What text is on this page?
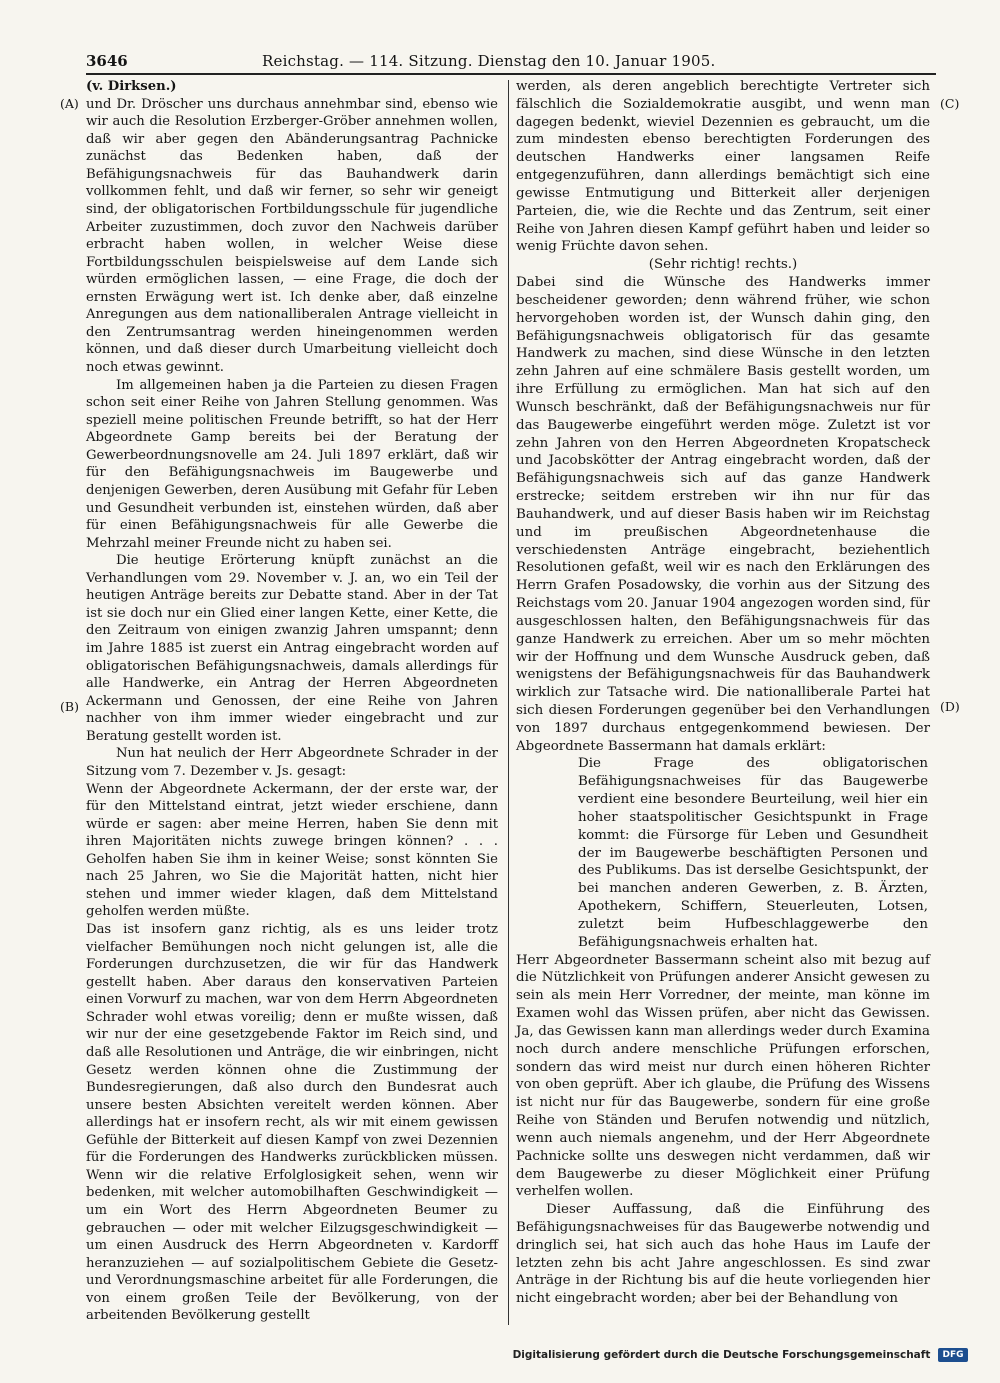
3646	Reichstag. — 114. Sitzung. Dienstag den 10. Januar 1905.
(A)
(B)
(C)
(D)

(v. Dirksen.)

und Dr. Dröscher uns durchaus annehmbar sind, ebenso wie wir auch die Resolution Erzberger-Gröber annehmen wollen, daß wir aber gegen den Abänderungsantrag Pachnicke zunächst das Bedenken haben, daß der Befähigungsnachweis für das Bauhandwerk darin vollkommen fehlt, und daß wir ferner, so sehr wir geneigt sind, der obligatorischen Fortbildungsschule für jugendliche Arbeiter zuzustimmen, doch zuvor den Nachweis darüber erbracht haben wollen, in welcher Weise diese Fortbildungsschulen beispielsweise auf dem Lande sich würden ermöglichen lassen, — eine Frage, die doch der ernsten Erwägung wert ist. Ich denke aber, daß einzelne Anregungen aus dem nationalliberalen Antrage vielleicht in den Zentrumsantrag werden hineingenommen werden können, und daß dieser durch Umarbeitung vielleicht doch noch etwas gewinnt.

Im allgemeinen haben ja die Parteien zu diesen Fragen schon seit einer Reihe von Jahren Stellung genommen. Was speziell meine politischen Freunde betrifft, so hat der Herr Abgeordnete Gamp bereits bei der Beratung der Gewerbeordnungsnovelle am 24. Juli 1897 erklärt, daß wir für den Befähigungsnachweis im Baugewerbe und denjenigen Gewerben, deren Ausübung mit Gefahr für Leben und Gesundheit verbunden ist, einstehen würden, daß aber für einen Befähigungsnachweis für alle Gewerbe die Mehrzahl meiner Freunde nicht zu haben sei.

Die heutige Erörterung knüpft zunächst an die Verhandlungen vom 29. November v. J. an, wo ein Teil der heutigen Anträge bereits zur Debatte stand. Aber in der Tat ist sie doch nur ein Glied einer langen Kette, einer Kette, die den Zeitraum von einigen zwanzig Jahren umspannt; denn im Jahre 1885 ist zuerst ein Antrag eingebracht worden auf obligatorischen Befähigungsnachweis, damals allerdings für alle Handwerke, ein Antrag der Herren Abgeordneten Ackermann und Genossen, der eine Reihe von Jahren nachher von ihm immer wieder eingebracht und zur Beratung gestellt worden ist.

Nun hat neulich der Herr Abgeordnete Schrader in der Sitzung vom 7. Dezember v. Js. gesagt:

Wenn der Abgeordnete Ackermann, der der erste war, der für den Mittelstand eintrat, jetzt wieder erschiene, dann würde er sagen: aber meine Herren, haben Sie denn mit ihren Majoritäten nichts zuwege bringen können? . . . Geholfen haben Sie ihm in keiner Weise; sonst könnten Sie nach 25 Jahren, wo Sie die Majorität hatten, nicht hier stehen und immer wieder klagen, daß dem Mittelstand geholfen werden müßte.

Das ist insofern ganz richtig, als es uns leider trotz vielfacher Bemühungen noch nicht gelungen ist, alle die Forderungen durchzusetzen, die wir für das Handwerk gestellt haben. Aber daraus den konservativen Parteien einen Vorwurf zu machen, war von dem Herrn Abgeordneten Schrader wohl etwas voreilig; denn er mußte wissen, daß wir nur der eine gesetzgebende Faktor im Reich sind, und daß alle Resolutionen und Anträge, die wir einbringen, nicht Gesetz werden können ohne die Zustimmung der Bundesregierungen, daß also durch den Bundesrat auch unsere besten Absichten vereitelt werden können. Aber allerdings hat er insofern recht, als wir mit einem gewissen Gefühle der Bitterkeit auf diesen Kampf von zwei Dezennien für die Forderungen des Handwerks zurückblicken müssen. Wenn wir die relative Erfolglosigkeit sehen, wenn wir bedenken, mit welcher automobilhaften Geschwindigkeit — um ein Wort des Herrn Abgeordneten Beumer zu gebrauchen — oder mit welcher Eilzugsgeschwindigkeit — um einen Ausdruck des Herrn Abgeordneten v. Kardorff heranzuziehen — auf sozialpolitischem Gebiete die Gesetz- und Verordnungsmaschine arbeitet für alle Forderungen, die von einem großen Teile der Bevölkerung, von der arbeitenden Bevölkerung gestellt

werden, als deren angeblich berechtigte Vertreter sich fälschlich die Sozialdemokratie ausgibt, und wenn man dagegen bedenkt, wieviel Dezennien es gebraucht, um die zum mindesten ebenso berechtigten Forderungen des deutschen Handwerks einer langsamen Reife entgegenzuführen, dann allerdings bemächtigt sich eine gewisse Entmutigung und Bitterkeit aller derjenigen Parteien, die, wie die Rechte und das Zentrum, seit einer Reihe von Jahren diesen Kampf geführt haben und leider so wenig Früchte davon sehen.

(Sehr richtig! rechts.)

Dabei sind die Wünsche des Handwerks immer bescheidener geworden; denn während früher, wie schon hervorgehoben worden ist, der Wunsch dahin ging, den Befähigungsnachweis obligatorisch für das gesamte Handwerk zu machen, sind diese Wünsche in den letzten zehn Jahren auf eine schmälere Basis gestellt worden, um ihre Erfüllung zu ermöglichen. Man hat sich auf den Wunsch beschränkt, daß der Befähigungsnachweis nur für das Baugewerbe eingeführt werden möge. Zuletzt ist vor zehn Jahren von den Herren Abgeordneten Kropatscheck und Jacobskötter der Antrag eingebracht worden, daß der Befähigungsnachweis sich auf das ganze Handwerk erstrecke; seitdem erstreben wir ihn nur für das Bauhandwerk, und auf dieser Basis haben wir im Reichstag und im preußischen Abgeordnetenhause die verschiedensten Anträge eingebracht, beziehentlich Resolutionen gefaßt, weil wir es nach den Erklärungen des Herrn Grafen Posadowsky, die vorhin aus der Sitzung des Reichstags vom 20. Januar 1904 angezogen worden sind, für ausgeschlossen halten, den Befähigungsnachweis für das ganze Handwerk zu erreichen. Aber um so mehr möchten wir der Hoffnung und dem Wunsche Ausdruck geben, daß wenigstens der Befähigungsnachweis für das Bauhandwerk wirklich zur Tatsache wird. Die nationalliberale Partei hat sich diesen Forderungen gegenüber bei den Verhandlungen von 1897 durchaus entgegenkommend bewiesen. Der Abgeordnete Bassermann hat damals erklärt:

Die Frage des obligatorischen Befähigungsnachweises für das Baugewerbe verdient eine besondere Beurteilung, weil hier ein hoher staatspolitischer Gesichtspunkt in Frage kommt: die Fürsorge für Leben und Gesundheit der im Baugewerbe beschäftigten Personen und des Publikums. Das ist derselbe Gesichtspunkt, der bei manchen anderen Gewerben, z. B. Ärzten, Apothekern, Schiffern, Steuerleuten, Lotsen, zuletzt beim Hufbeschlaggewerbe den Befähigungsnachweis erhalten hat.

Herr Abgeordneter Bassermann scheint also mit bezug auf die Nützlichkeit von Prüfungen anderer Ansicht gewesen zu sein als mein Herr Vorredner, der meinte, man könne im Examen wohl das Wissen prüfen, aber nicht das Gewissen. Ja, das Gewissen kann man allerdings weder durch Examina noch durch andere menschliche Prüfungen erforschen, sondern das wird meist nur durch einen höheren Richter von oben geprüft. Aber ich glaube, die Prüfung des Wissens ist nicht nur für das Baugewerbe, sondern für eine große Reihe von Ständen und Berufen notwendig und nützlich, wenn auch niemals angenehm, und der Herr Abgeordnete Pachnicke sollte uns deswegen nicht verdammen, daß wir dem Baugewerbe zu dieser Möglichkeit einer Prüfung verhelfen wollen.

Dieser Auffassung, daß die Einführung des Befähigungsnachweises für das Baugewerbe notwendig und dringlich sei, hat sich auch das hohe Haus im Laufe der letzten zehn bis acht Jahre angeschlossen. Es sind zwar Anträge in der Richtung bis auf die heute vorliegenden hier nicht eingebracht worden; aber bei der Behandlung von

Digitalisierung gefördert durch die Deutsche Forschungsgemeinschaft DFG
